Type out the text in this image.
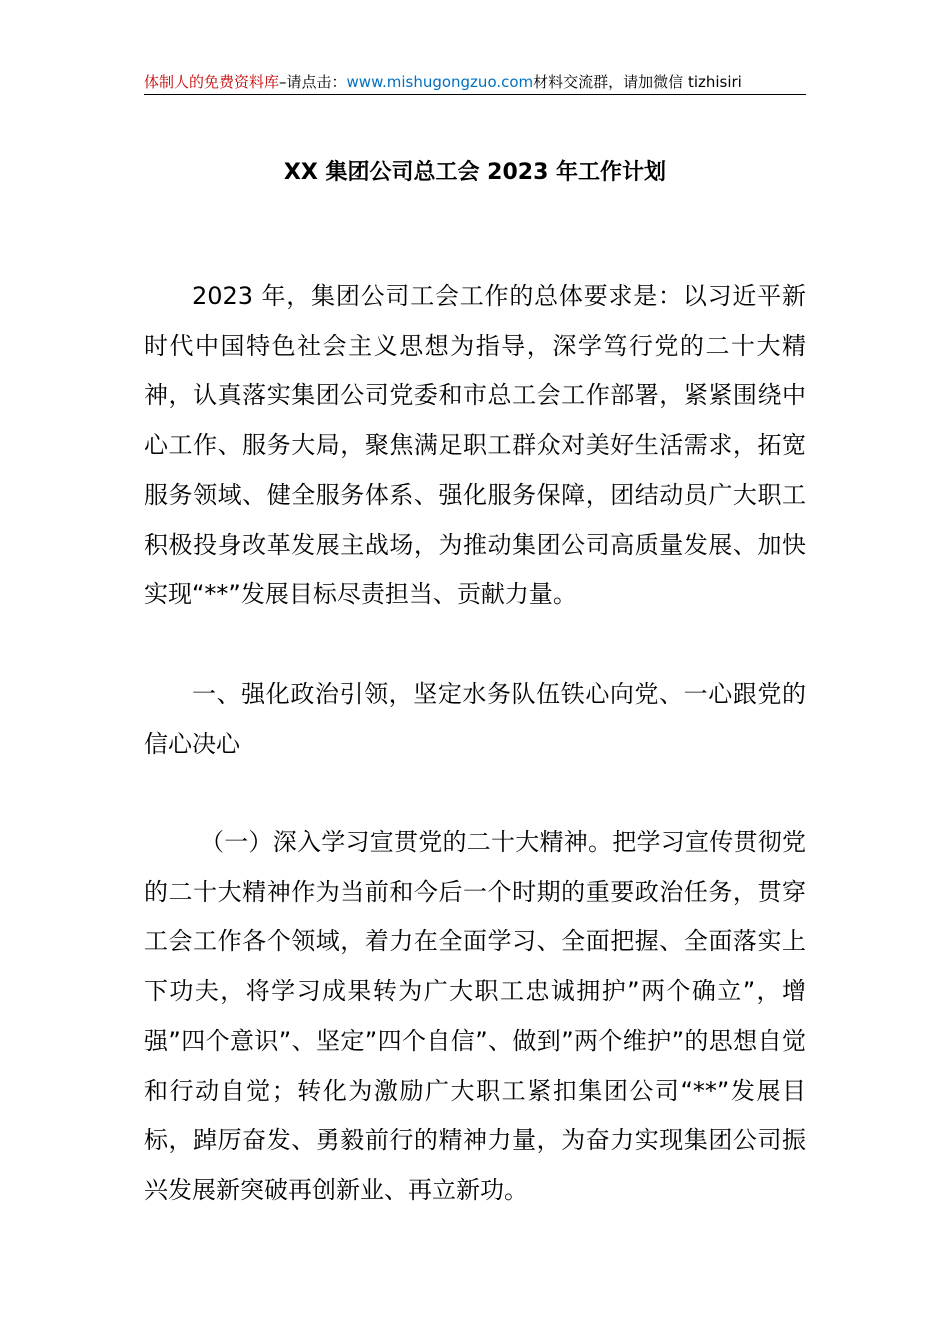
体制人的免费资料库–请点击：www.mishugongzuo.com材料交流群，请加微信 tizhisiri
XX 集团公司总工会 2023 年工作计划

2023 年，集团公司工会工作的总体要求是：以习近平新时代中国特色社会主义思想为指导，深学笃行党的二十大精神，认真落实集团公司党委和市总工会工作部署，紧紧围绕中心工作、服务大局，聚焦满足职工群众对美好生活需求，拓宽服务领域、健全服务体系、强化服务保障，团结动员广大职工积极投身改革发展主战场，为推动集团公司高质量发展、加快实现“**”发展目标尽责担当、贡献力量。

一、强化政治引领，坚定水务队伍铁心向党、一心跟党的信心决心

（一）深入学习宣贯党的二十大精神。把学习宣传贯彻党的二十大精神作为当前和今后一个时期的重要政治任务，贯穿工会工作各个领域，着力在全面学习、全面把握、全面落实上下功夫，将学习成果转为广大职工忠诚拥护”两个确立”，增强”四个意识”、坚定”四个自信”、做到”两个维护”的思想自觉和行动自觉；转化为激励广大职工紧扣集团公司“**”发展目标，踔厉奋发、勇毅前行的精神力量，为奋力实现集团公司振兴发展新突破再创新业、再立新功。
